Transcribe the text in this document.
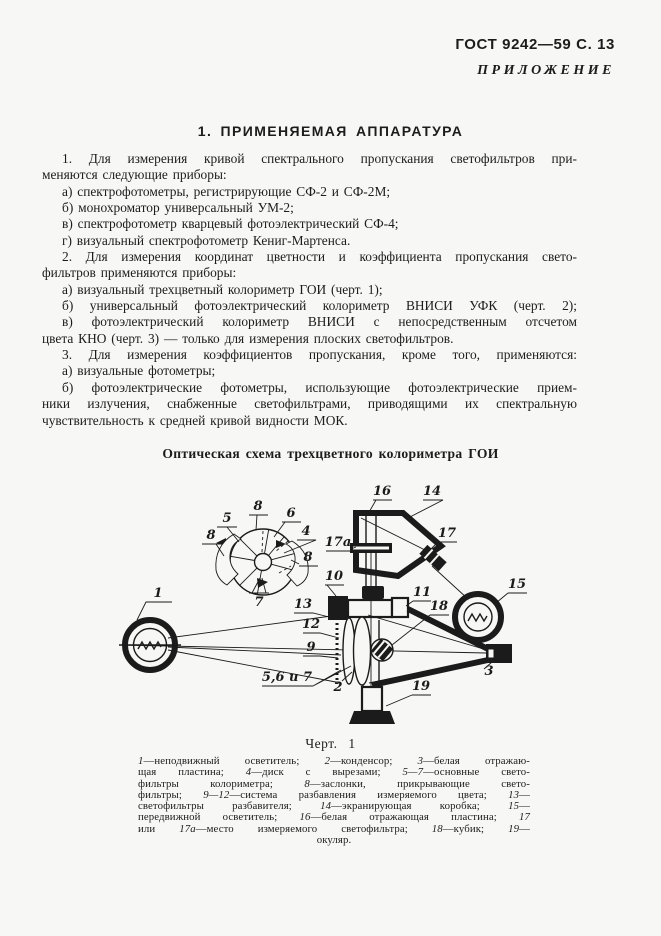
ГОСТ 9242—59 С. 13
ПРИЛОЖЕНИЕ
1. ПРИМЕНЯЕМАЯ АППАРАТУРА
1. Для измерения кривой спектрального пропускания светофильтров при-
меняются следующие приборы:
а) спектрофотометры, регистрирующие СФ-2 и СФ-2М;
б) монохроматор универсальный УМ-2;
в) спектрофотометр кварцевый фотоэлектрический СФ-4;
г) визуальный спектрофотометр Кениг-Мартенса.
2. Для измерения координат цветности и коэффициента пропускания свето-
фильтров применяются приборы:
а) визуальный трехцветный колориметр ГОИ (черт. 1);
б) универсальный фотоэлектрический колориметр ВНИСИ УФК (черт. 2);
в) фотоэлектрический колориметр ВНИСИ с непосредственным отсчетом
цвета КНО (черт. 3) — только для измерения плоских светофильтров.
3. Для измерения коэффициентов пропускания, кроме того, применяются:
а) визуальные фотометры;
б) фотоэлектрические фотометры, использующие фотоэлектрические прием-
ники излучения, снабженные светофильтрами, приводящими их спектральную
чувствительность к средней кривой видности МОК.
Оптическая схема трехцветного колориметра ГОИ
1
5
8 6
8	4
8
7
10
16 14
17а
17
13
12
9
11
18
15
2
3
19
5,6 и 7
Черт. 1
1—неподвижный осветитель; 2—конденсор; 3—белая отражаю-
щая пластина; 4—диск с вырезами; 5—7—основные свето-
фильтры колориметра; 8—заслонки, прикрывающие свето-
фильтры; 9—12—система разбавления измеряемого цвета; 13—
светофильтры разбавителя; 14—экранирующая коробка; 15—
передвижной осветитель; 16—белая отражающая пластина; 17
или 17а—место измеряемого светофильтра; 18—кубик; 19—
окуляр.
